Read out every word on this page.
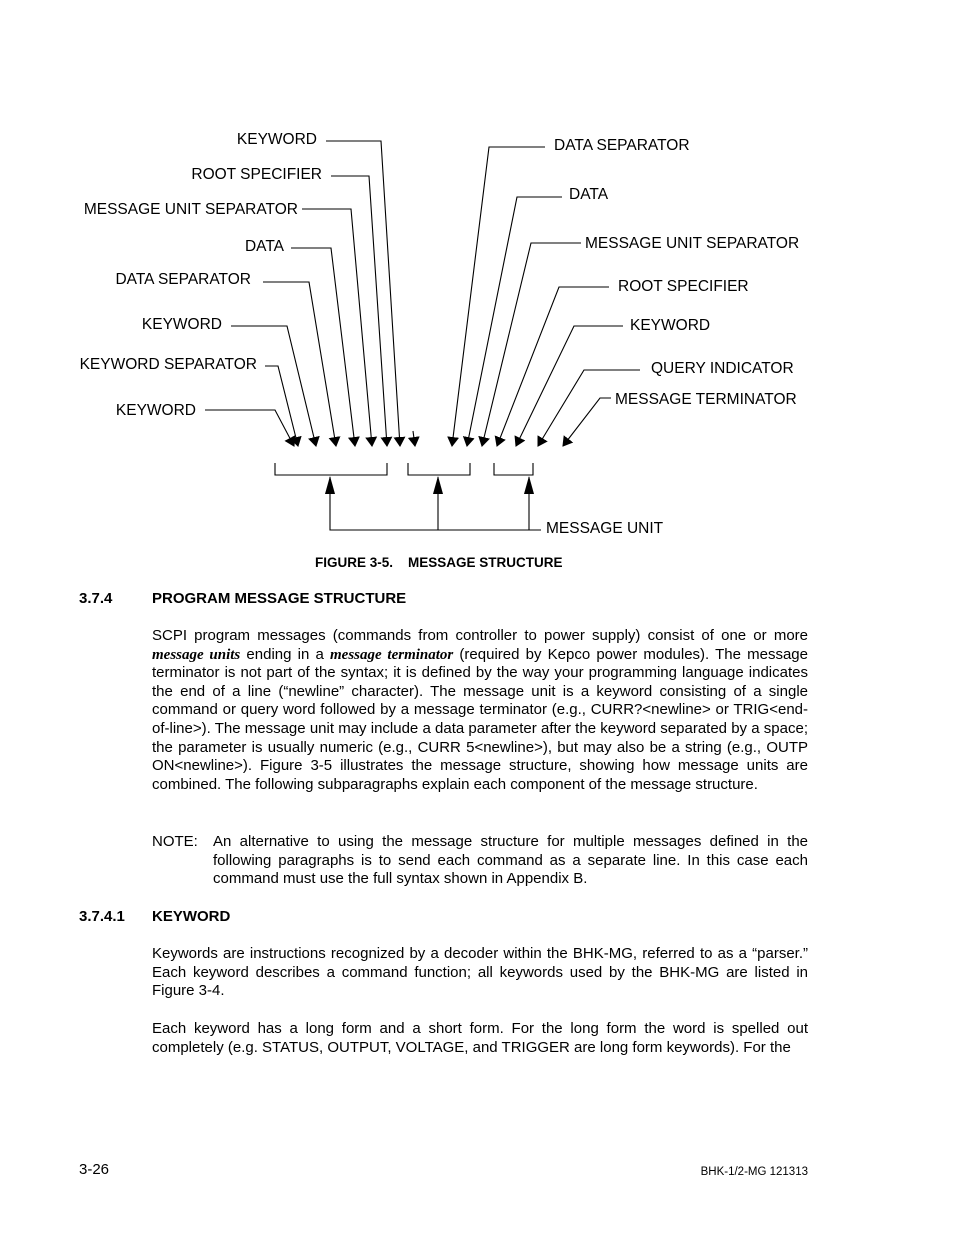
KEYWORD
ROOT SPECIFIER
MESSAGE UNIT SEPARATOR
DATA
DATA SEPARATOR
KEYWORD
KEYWORD SEPARATOR
KEYWORD
DATA SEPARATOR
DATA
MESSAGE UNIT SEPARATOR
ROOT SPECIFIER
KEYWORD
QUERY INDICATOR
MESSAGE TERMINATOR
MESSAGE UNIT
FIGURE 3-5.    MESSAGE STRUCTURE
3.7.4	PROGRAM MESSAGE STRUCTURE
SCPI program messages (commands from controller to power supply) consist of one or more message units ending in a message terminator (required by Kepco power modules). The message terminator is not part of the syntax; it is defined by the way your programming language indicates the end of a line (“newline” character). The message unit is a keyword consisting of a single command or query word followed by a message terminator (e.g., CURR?<newline> or TRIG<end-of-line>). The message unit may include a data parameter after the keyword separated by a space; the parameter is usually numeric (e.g., CURR 5<newline>), but may also be a string (e.g., OUTP ON<newline>). Figure 3-5 illustrates the message structure, showing how message units are combined. The following subparagraphs explain each component of the message structure.
NOTE: An alternative to using the message structure for multiple messages defined in the following paragraphs is to send each command as a separate line. In this case each command must use the full syntax shown in Appendix B.
3.7.4.1 KEYWORD
Keywords are instructions recognized by a decoder within the BHK-MG, referred to as a “parser.” Each keyword describes a command function; all keywords used by the BHK-MG are listed in Figure 3-4.
Each keyword has a long form and a short form. For the long form the word is spelled out completely (e.g. STATUS, OUTPUT, VOLTAGE, and TRIGGER are long form keywords). For the
3-26	BHK-1/2-MG 121313
